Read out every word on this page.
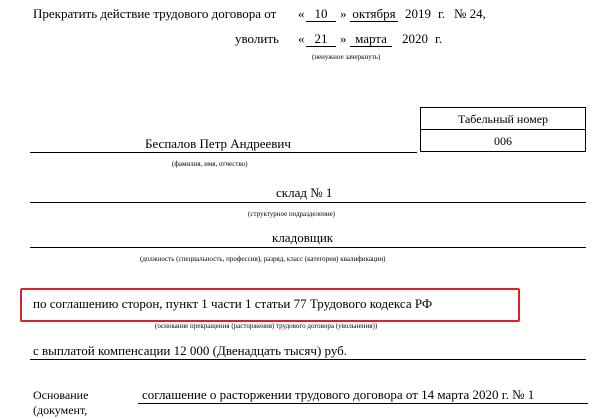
Прекратить действие трудового договора от « 10 » октября 2019 г. № 24,
уволить « 21 » марта	2020 г.
(ненужное зачеркнуть)
Табельный номер
006
Беспалов Петр Андреевич
(фамилия, имя, отчество)
склад № 1
(структурное подразделение)
кладовщик
(должность (специальность, профессия), разряд, класс (категория) квалификации)
по соглашению сторон, пункт 1 части 1 статьи 77 Трудового кодекса РФ
(основание прекращения (расторжения) трудового договора (увольнения))
с выплатой компенсации 12 000 (Двенадцать тысяч) руб.
Основание
(документ,
соглашение о расторжении трудового договора от 14 марта 2020 г. № 1
